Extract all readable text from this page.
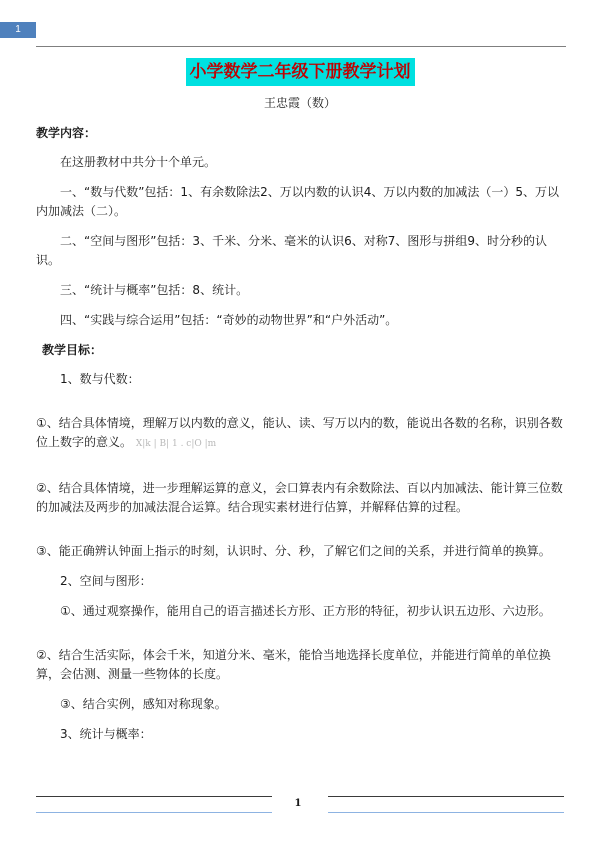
1
小学数学二年级下册教学计划
王忠霞（数）
教学内容：

在这册教材中共分十个单元。

一、“数与代数”包括：1、有余数除法2、万以内数的认识4、万以内数的加减法（一）5、万以内加减法（二）。

二、“空间与图形”包括：3、千米、分米、毫米的认识6、对称7、图形与拼组9、时分秒的认识。

三、“统计与概率”包括：8、统计。

四、“实践与综合运用”包括：“奇妙的动物世界”和“户外活动”。

教学目标：

1、数与代数：

①、结合具体情境，理解万以内数的意义，能认、读、写万以内的数，能说出各数的名称，识别各数位上数字的意义。 X|k | B| 1 . c|O |m

②、结合具体情境，进一步理解运算的意义，会口算表内有余数除法、百以内加减法、能计算三位数的加减法及两步的加减法混合运算。结合现实素材进行估算，并解释估算的过程。

③、能正确辨认钟面上指示的时刻，认识时、分、秒，了解它们之间的关系，并进行简单的换算。

2、空间与图形：

①、通过观察操作，能用自己的语言描述长方形、正方形的特征，初步认识五边形、六边形。

②、结合生活实际，体会千米，知道分米、毫米，能恰当地选择长度单位，并能进行简单的单位换算，会估测、测量一些物体的长度。

③、结合实例，感知对称现象。

3、统计与概率：

1
